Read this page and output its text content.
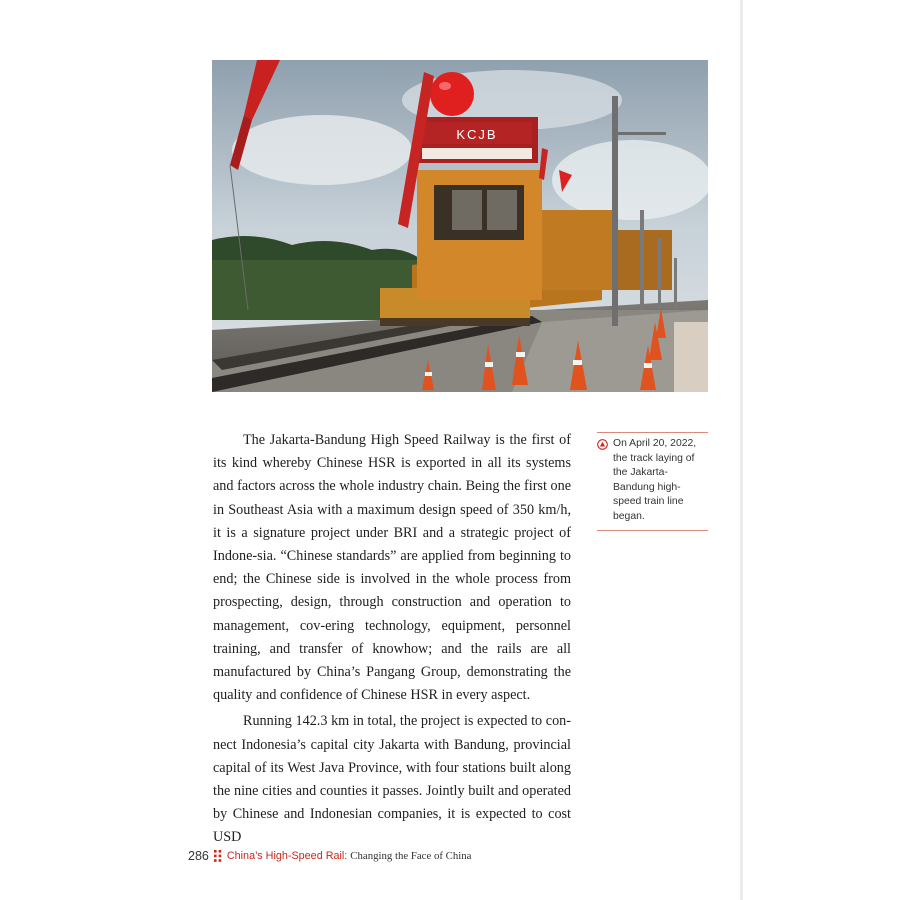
KCJB

The Jakarta-Bandung High Speed Railway is the first of its kind whereby Chinese HSR is exported in all its systems and factors across the whole industry chain. Being the first one in Southeast Asia with a maximum design speed of 350 km/h, it is a signature project under BRI and a strategic project of Indone-sia. “Chinese standards” are applied from beginning to end; the Chinese side is involved in the whole process from prospecting, design, through construction and operation to management, cov-ering technology, equipment, personnel training, and transfer of knowhow; and the rails are all manufactured by China’s Pangang Group, demonstrating the quality and confidence of Chinese HSR in every aspect.

Running 142.3 km in total, the project is expected to con-nect Indonesia’s capital city Jakarta with Bandung, provincial capital of its West Java Province, with four stations built along the nine cities and counties it passes. Jointly built and operated by Chinese and Indonesian companies, it is expected to cost USD

On April 20, 2022, the track laying of the Jakarta-Bandung high-speed train line began.
286 China’s High-Speed Rail: Changing the Face of China
